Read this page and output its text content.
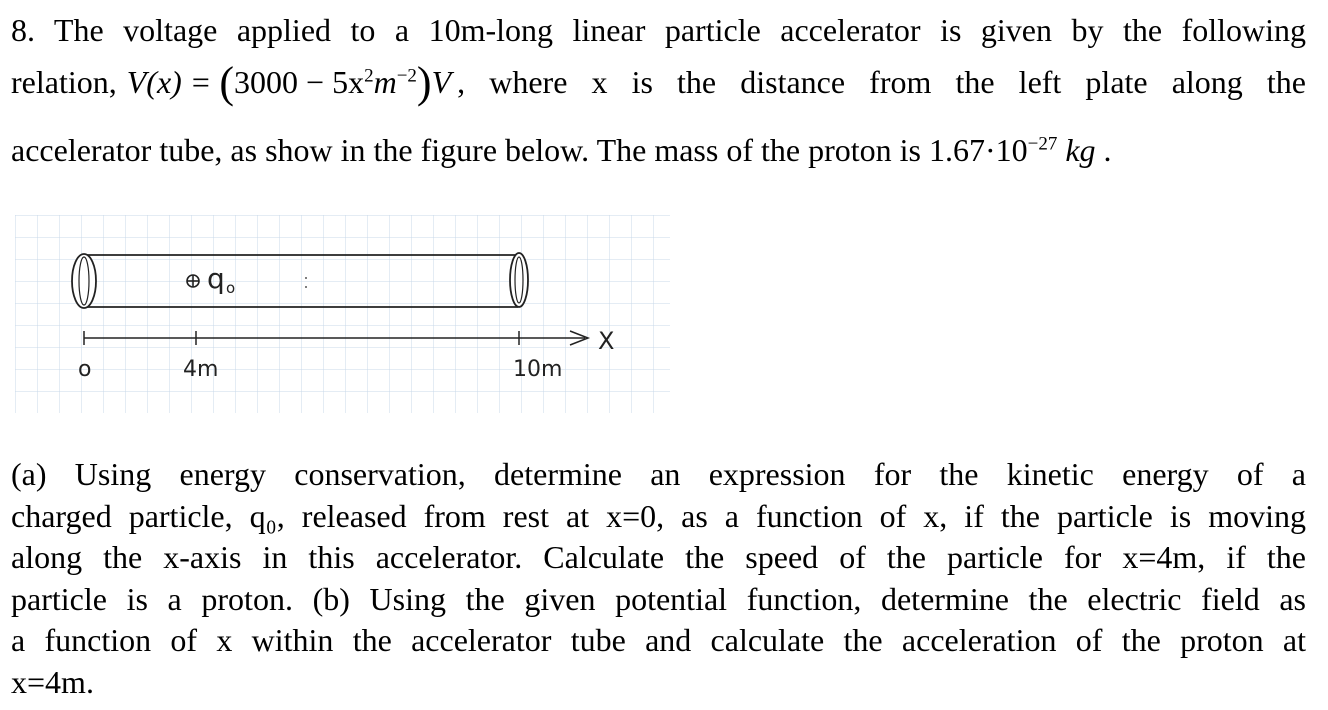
8. The voltage applied to a 10m-long linear particle accelerator is given by the following
relation, $V(x) = (3000 - 5x^2m^{-2})V$ , where x is the distance from the left plate along the
accelerator tube, as show in the figure below. The mass of the proton is $1.67\cdot 10^{-27}$ kg .
q o
X
o	4m	10m
(a) Using energy conservation, determine an expression for the kinetic energy of a
charged particle, q₀, released from rest at x=0, as a function of x, if the particle is moving
along the x-axis in this accelerator. Calculate the speed of the particle for x=4m, if the
particle is a proton. (b) Using the given potential function, determine the electric field as
a function of x within the accelerator tube and calculate the acceleration of the proton at
x=4m.
